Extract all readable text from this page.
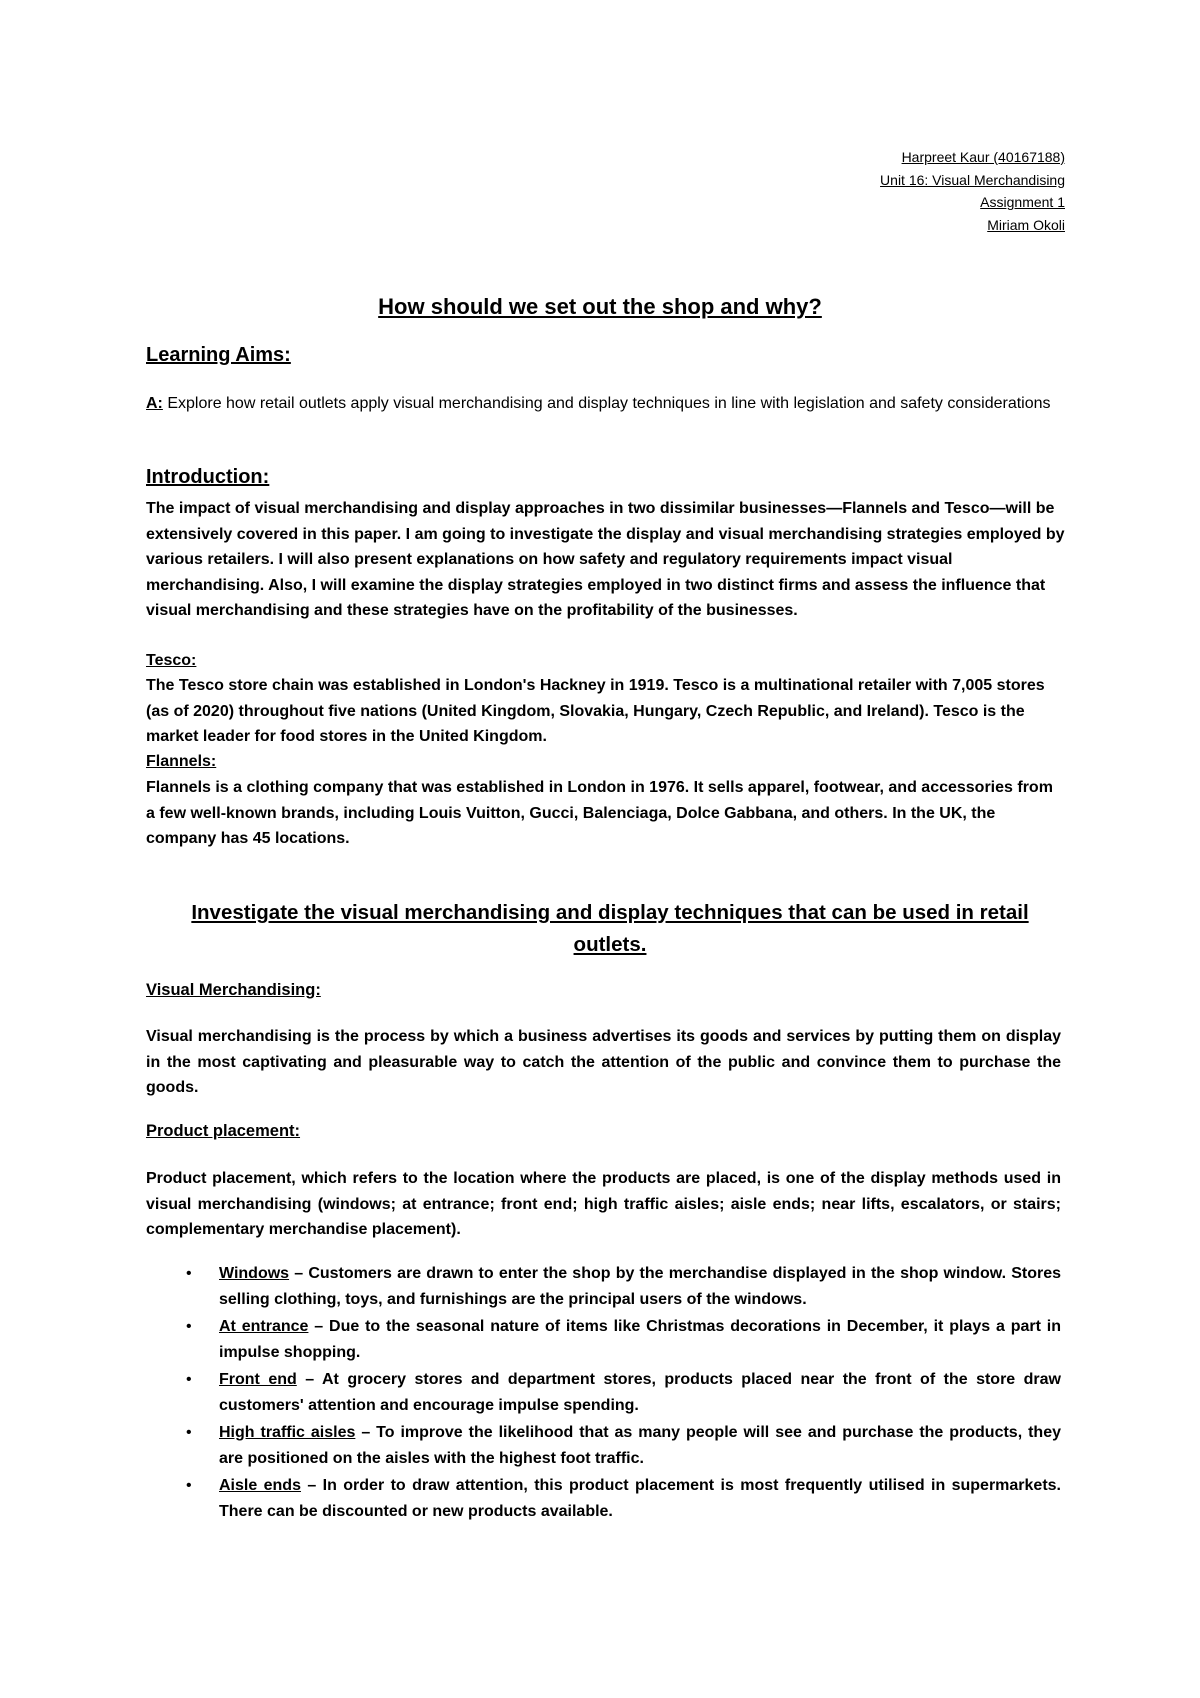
Harpreet Kaur (40167188)
Unit 16: Visual Merchandising
Assignment 1
Miriam Okoli
How should we set out the shop and why?
Learning Aims:
A: Explore how retail outlets apply visual merchandising and display techniques in line with legislation and safety considerations
Introduction:
The impact of visual merchandising and display approaches in two dissimilar businesses—Flannels and Tesco—will be extensively covered in this paper. I am going to investigate the display and visual merchandising strategies employed by various retailers. I will also present explanations on how safety and regulatory requirements impact visual merchandising. Also, I will examine the display strategies employed in two distinct firms and assess the influence that visual merchandising and these strategies have on the profitability of the businesses.
Tesco:
The Tesco store chain was established in London's Hackney in 1919. Tesco is a multinational retailer with 7,005 stores (as of 2020) throughout five nations (United Kingdom, Slovakia, Hungary, Czech Republic, and Ireland). Tesco is the market leader for food stores in the United Kingdom.
Flannels:
Flannels is a clothing company that was established in London in 1976. It sells apparel, footwear, and accessories from a few well-known brands, including Louis Vuitton, Gucci, Balenciaga, Dolce Gabbana, and others. In the UK, the company has 45 locations.
Investigate the visual merchandising and display techniques that can be used in retail outlets.
Visual Merchandising:
Visual merchandising is the process by which a business advertises its goods and services by putting them on display in the most captivating and pleasurable way to catch the attention of the public and convince them to purchase the goods.
Product placement:
Product placement, which refers to the location where the products are placed, is one of the display methods used in visual merchandising (windows; at entrance; front end; high traffic aisles; aisle ends; near lifts, escalators, or stairs; complementary merchandise placement).
• Windows – Customers are drawn to enter the shop by the merchandise displayed in the shop window. Stores selling clothing, toys, and furnishings are the principal users of the windows.
• At entrance – Due to the seasonal nature of items like Christmas decorations in December, it plays a part in impulse shopping.
• Front end – At grocery stores and department stores, products placed near the front of the store draw customers' attention and encourage impulse spending.
• High traffic aisles – To improve the likelihood that as many people will see and purchase the products, they are positioned on the aisles with the highest foot traffic.
• Aisle ends – In order to draw attention, this product placement is most frequently utilised in supermarkets. There can be discounted or new products available.
